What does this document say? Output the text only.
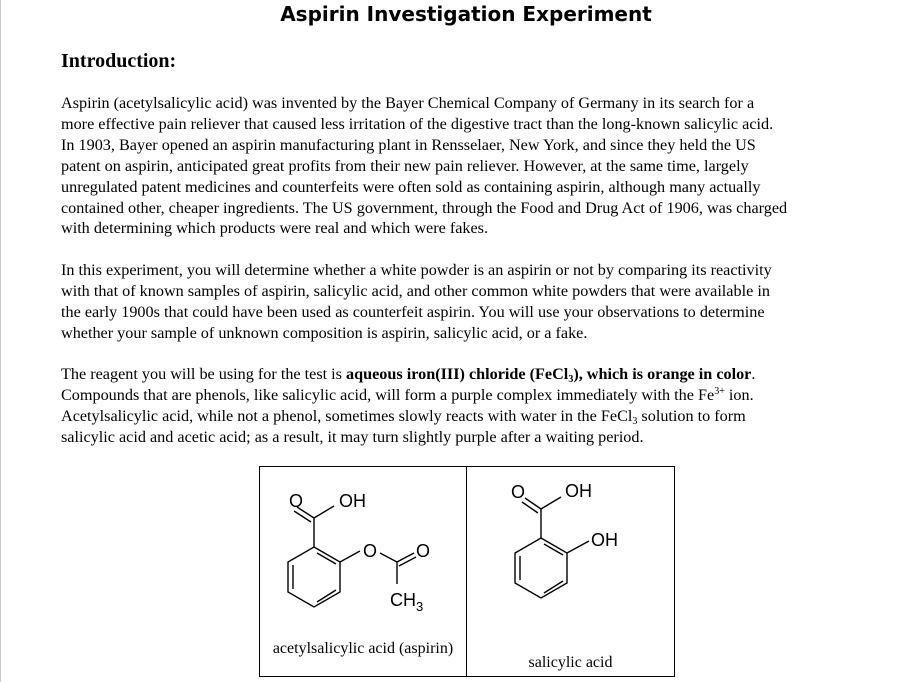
Aspirin Investigation Experiment
Introduction:
Aspirin (acetylsalicylic acid) was invented by the Bayer Chemical Company of Germany in its search for a
more effective pain reliever that caused less irritation of the digestive tract than the long-known salicylic acid.
In 1903, Bayer opened an aspirin manufacturing plant in Rensselaer, New York, and since they held the US
patent on aspirin, anticipated great profits from their new pain reliever. However, at the same time, largely
unregulated patent medicines and counterfeits were often sold as containing aspirin, although many actually
contained other, cheaper ingredients. The US government, through the Food and Drug Act of 1906, was charged
with determining which products were real and which were fakes.
In this experiment, you will determine whether a white powder is an aspirin or not by comparing its reactivity
with that of known samples of aspirin, salicylic acid, and other common white powders that were available in
the early 1900s that could have been used as counterfeit aspirin. You will use your observations to determine
whether your sample of unknown composition is aspirin, salicylic acid, or a fake.
The reagent you will be using for the test is aqueous iron(III) chloride (FeCl$_3$), which is orange in color.
Compounds that are phenols, like salicylic acid, will form a purple complex immediately with the $Fe^{3+}$ ion.
Acetylsalicylic acid, while not a phenol, sometimes slowly reacts with water in the FeCl$_3$ solution to form
salicylic acid and acetic acid; as a result, it may turn slightly purple after a waiting period.
O OH
O O
$CH_3$
acetylsalicylic acid (aspirin)

O OH
OH
salicylic acid
